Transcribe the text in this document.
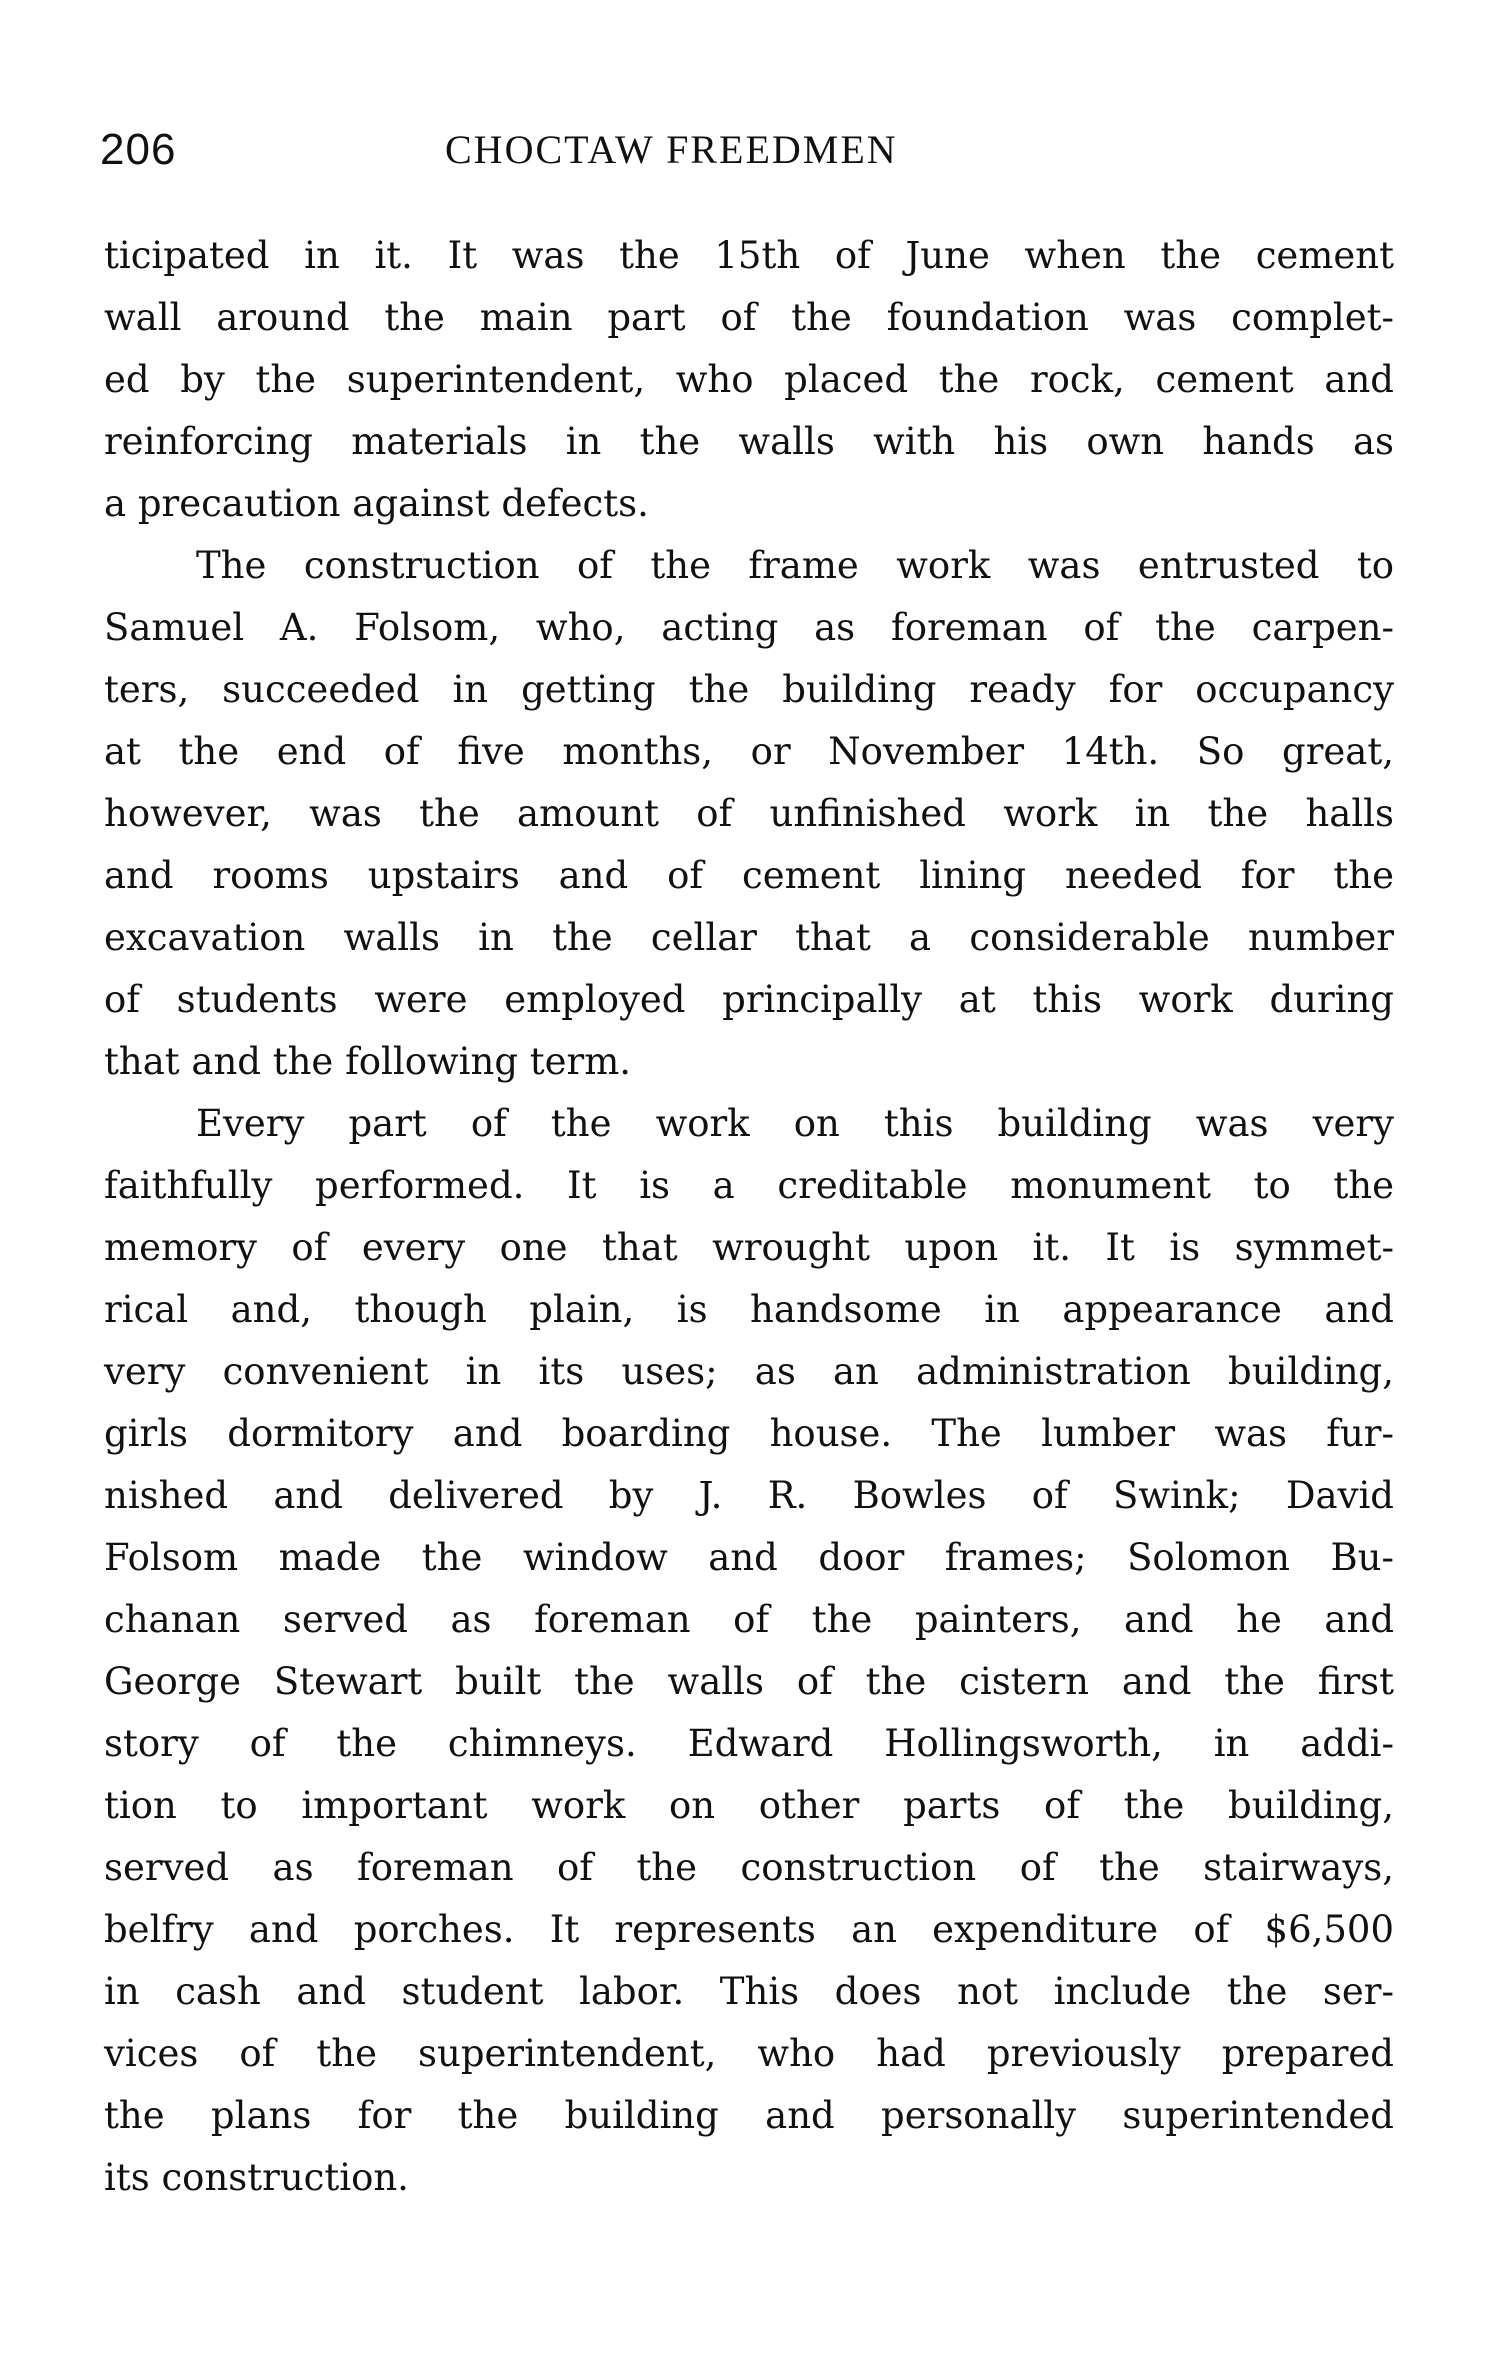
206	CHOCTAW FREEDMEN
ticipated in it. It was the 15th of June when the cement
wall around the main part of the foundation was complet-
ed by the superintendent, who placed the rock, cement and
reinforcing materials in the walls with his own hands as
a precaution against defects.
The construction of the frame work was entrusted to
Samuel A. Folsom, who, acting as foreman of the carpen-
ters, succeeded in getting the building ready for occupancy
at the end of five months, or November 14th. So great,
however, was the amount of unfinished work in the halls
and rooms upstairs and of cement lining needed for the
excavation walls in the cellar that a considerable number
of students were employed principally at this work during
that and the following term.
Every part of the work on this building was very
faithfully performed. It is a creditable monument to the
memory of every one that wrought upon it. It is symmet-
rical and, though plain, is handsome in appearance and
very convenient in its uses; as an administration building,
girls dormitory and boarding house. The lumber was fur-
nished and delivered by J. R. Bowles of Swink; David
Folsom made the window and door frames; Solomon Bu-
chanan served as foreman of the painters, and he and
George Stewart built the walls of the cistern and the first
story of the chimneys. Edward Hollingsworth, in addi-
tion to important work on other parts of the building,
served as foreman of the construction of the stairways,
belfry and porches. It represents an expenditure of $6,500
in cash and student labor. This does not include the ser-
vices of the superintendent, who had previously prepared
the plans for the building and personally superintended
its construction.
